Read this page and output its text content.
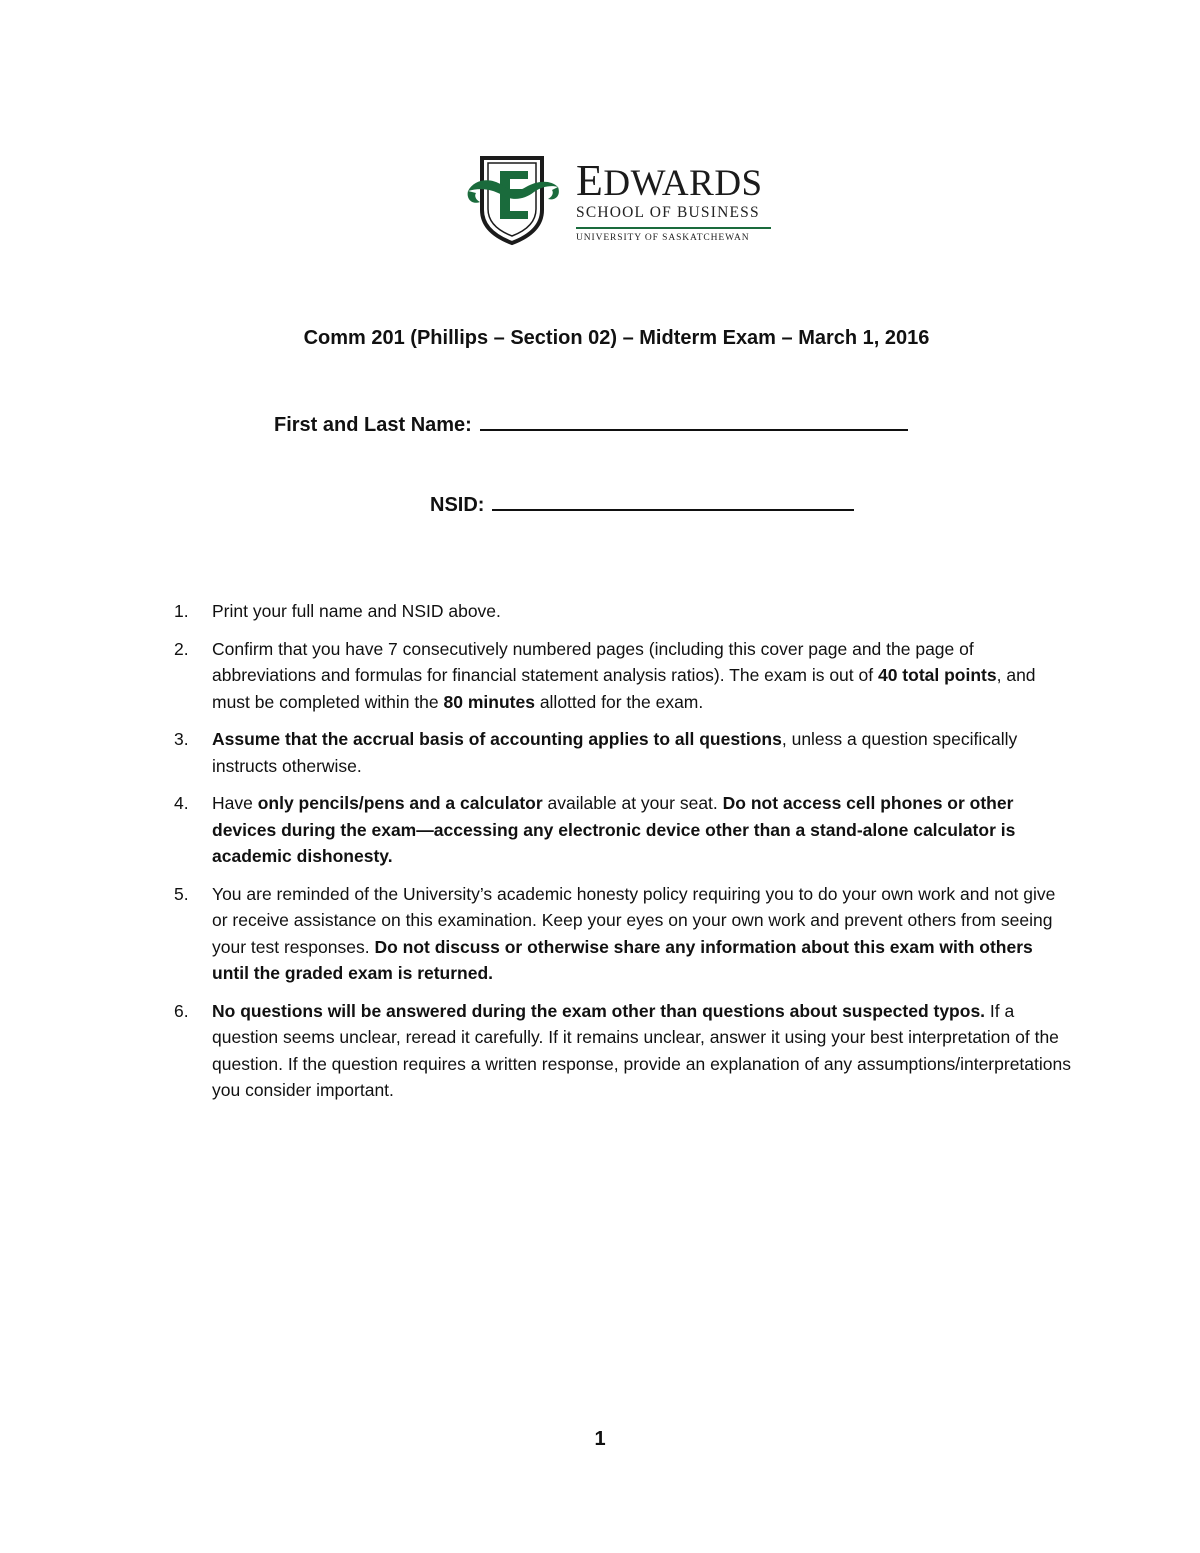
EDWARDS
SCHOOL OF BUSINESS
UNIVERSITY OF SASKATCHEWAN
Comm 201 (Phillips – Section 02) – Midterm Exam – March 1, 2016
First and Last Name:
NSID:
1. Print your full name and NSID above.
2. Confirm that you have 7 consecutively numbered pages (including this cover page and the page of abbreviations and formulas for financial statement analysis ratios). The exam is out of 40 total points, and must be completed within the 80 minutes allotted for the exam.
3. Assume that the accrual basis of accounting applies to all questions, unless a question specifically instructs otherwise.
4. Have only pencils/pens and a calculator available at your seat. Do not access cell phones or other devices during the exam—accessing any electronic device other than a stand-alone calculator is academic dishonesty.
5. You are reminded of the University’s academic honesty policy requiring you to do your own work and not give or receive assistance on this examination. Keep your eyes on your own work and prevent others from seeing your test responses. Do not discuss or otherwise share any information about this exam with others until the graded exam is returned.
6. No questions will be answered during the exam other than questions about suspected typos. If a question seems unclear, reread it carefully. If it remains unclear, answer it using your best interpretation of the question. If the question requires a written response, provide an explanation of any assumptions/interpretations you consider important.
1
